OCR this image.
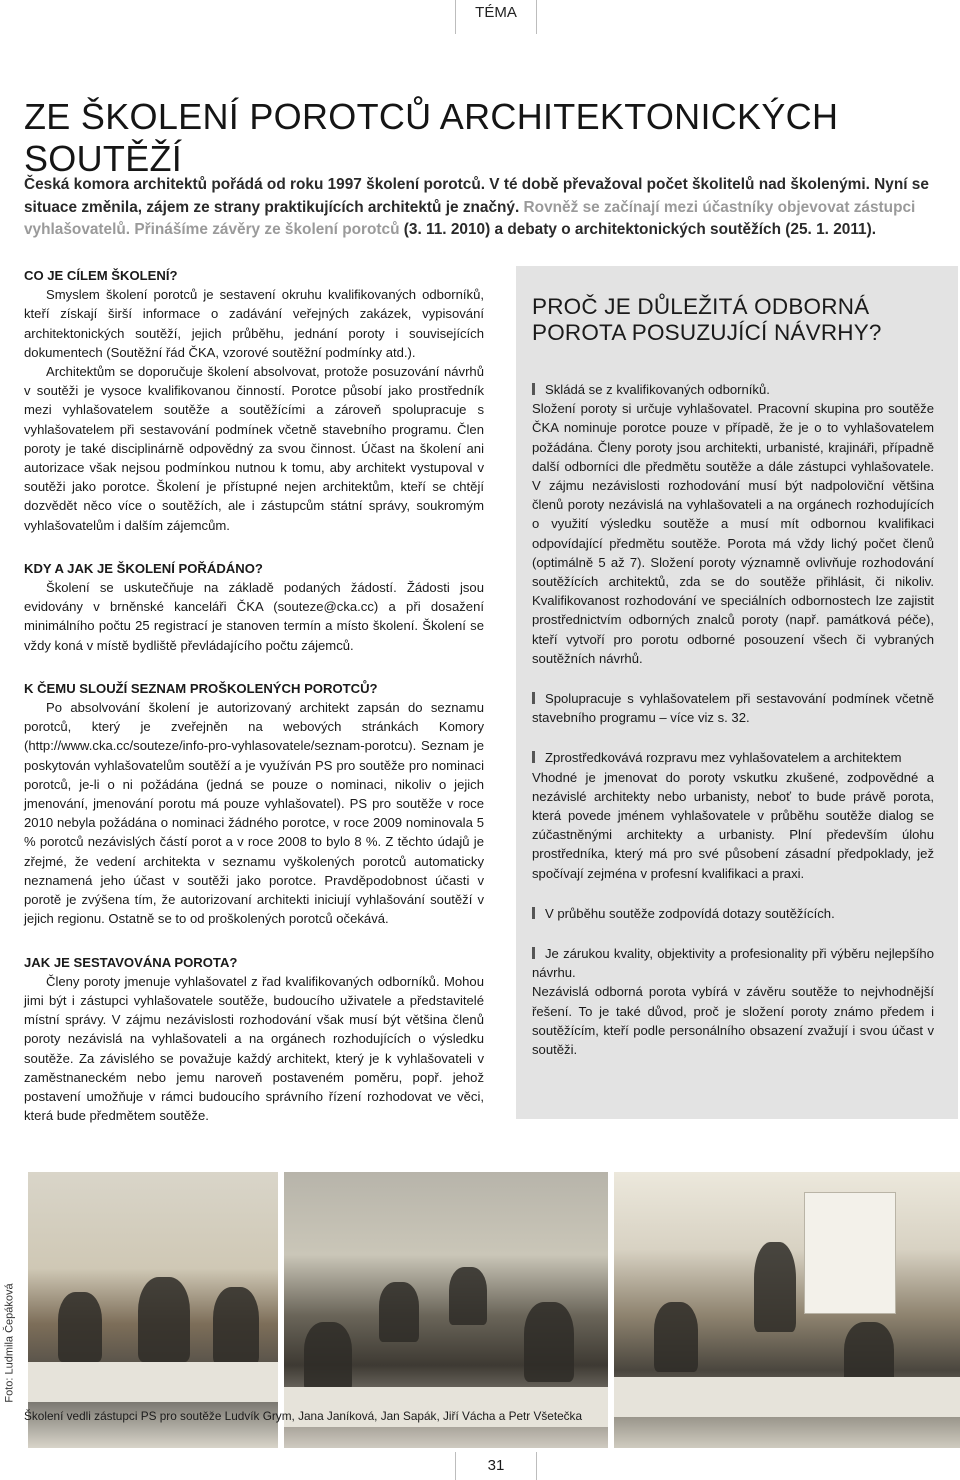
TÉMA
ZE ŠKOLENÍ POROTCŮ ARCHITEKTONICKÝCH SOUTĚŽÍ

Česká komora architektů pořádá od roku 1997 školení porotců. V té době převažoval počet školitelů nad školenými. Nyní se situace změnila, zájem ze strany praktikujících architektů je značný. Rovněž se začínají mezi účastníky objevovat zástupci vyhlašovatelů. Přinášíme závěry ze školení porotců (3. 11. 2010) a debaty o architektonických soutěžích (25. 1. 2011).

CO JE CÍLEM ŠKOLENÍ?

Smyslem školení porotců je sestavení okruhu kvalifikovaných odborníků, kteří získají širší informace o zadávání veřejných zakázek, vypisování architektonických soutěží, jejich průběhu, jednání poroty i souvisejících dokumentech (Soutěžní řád ČKA, vzorové soutěžní podmínky atd.).

Architektům se doporučuje školení absolvovat, protože posuzování návrhů v soutěži je vysoce kvalifikovanou činností. Porotce působí jako prostředník mezi vyhlašovatelem soutěže a soutěžícími a zároveň spolupracuje s vyhlašovatelem při sestavování podmínek včetně stavebního programu. Člen poroty je také disciplinárně odpovědný za svou činnost. Účast na školení ani autorizace však nejsou podmínkou nutnou k tomu, aby architekt vystupoval v soutěži jako porotce. Školení je přístupné nejen architektům, kteří se chtějí dozvědět něco více o soutěžích, ale i zástupcům státní správy, soukromým vyhlašovatelům i dalším zájemcům.

KDY A JAK JE ŠKOLENÍ POŘÁDÁNO?

Školení se uskutečňuje na základě podaných žádostí. Žádosti jsou evidovány v brněnské kanceláři ČKA (souteze@cka.cc) a při dosažení minimálního počtu 25 registrací je stanoven termín a místo školení. Školení se vždy koná v místě bydliště převládajícího počtu zájemců.

K ČEMU SLOUŽÍ SEZNAM PROŠKOLENÝCH POROTCŮ?

Po absolvování školení je autorizovaný architekt zapsán do seznamu porotců, který je zveřejněn na webových stránkách Komory (http://www.cka.cc/souteze/info-pro-vyhlasovatele/seznam-porotcu). Seznam je poskytován vyhlašovatelům soutěží a je využíván PS pro soutěže pro nominaci porotců, je-li o ni požádána (jedná se pouze o nominaci, nikoliv o jejich jmenování, jmenování porotu má pouze vyhlašovatel). PS pro soutěže v roce 2010 nebyla požádána o nominaci žádného porotce, v roce 2009 nominovala 5 % porotců nezávislých částí porot a v roce 2008 to bylo 8 %. Z těchto údajů je zřejmé, že vedení architekta v seznamu vyškolených porotců automaticky neznamená jeho účast v soutěži jako porotce. Pravděpodobnost účasti v porotě je zvýšena tím, že autorizovaní architekti iniciují vyhlašování soutěží v jejich regionu. Ostatně se to od proškolených porotců očekává.

JAK JE SESTAVOVÁNA POROTA?

Členy poroty jmenuje vyhlašovatel z řad kvalifikovaných odborníků. Mohou jimi být i zástupci vyhlašovatele soutěže, budoucího uživatele a představitelé místní správy. V zájmu nezávislosti rozhodování však musí být většina členů poroty nezávislá na vyhlašovateli a na orgánech rozhodujících o výsledku soutěže. Za závislého se považuje každý architekt, který je k vyhlašovateli v zaměstnaneckém nebo jemu naroveň postaveném poměru, popř. jehož postavení umožňuje v rámci budoucího správního řízení rozhodovat ve věci, která bude předmětem soutěže.

PROČ JE DŮLEŽITÁ ODBORNÁ POROTA POSUZUJÍCÍ NÁVRHY?

Skládá se z kvalifikovaných odborníků.

Složení poroty si určuje vyhlašovatel. Pracovní skupina pro soutěže ČKA nominuje porotce pouze v případě, že je o to vyhlašovatelem požádána. Členy poroty jsou architekti, urbanisté, krajináři, případně další odborníci dle předmětu soutěže a dále zástupci vyhlašovatele. V zájmu nezávislosti rozhodování musí být nadpoloviční většina členů poroty nezávislá na vyhlašovateli a na orgánech rozhodujících o využití výsledku soutěže a musí mít odbornou kvalifikaci odpovídající předmětu soutěže. Porota má vždy lichý počet členů (optimálně 5 až 7). Složení poroty významně ovlivňuje rozhodování soutěžících architektů, zda se do soutěže přihlásit, či nikoliv. Kvalifikovanost rozhodování ve speciálních odbornostech lze zajistit prostřednictvím odborných znalců poroty (např. památková péče), kteří vytvoří pro porotu odborné posouzení všech či vybraných soutěžních návrhů.

Spolupracuje s vyhlašovatelem při sestavování podmínek včetně stavebního programu – více viz s. 32.

Zprostředkovává rozpravu mez vyhlašovatelem a architektem

Vhodné je jmenovat do poroty vskutku zkušené, zodpovědné a nezávislé architekty nebo urbanisty, neboť to bude právě porota, která povede jménem vyhlašovatele v průběhu soutěže dialog se zúčastněnými architekty a urbanisty. Plní především úlohu prostředníka, který má pro své působení zásadní předpoklady, jež spočívají zejména v profesní kvalifikaci a praxi.

V průběhu soutěže zodpovídá dotazy soutěžících.

Je zárukou kvality, objektivity a profesionality při výběru nejlepšího návrhu.

Nezávislá odborná porota vybírá v závěru soutěže to nejvhodnější řešení. To je také důvod, proč je složení poroty známo předem i soutěžícím, kteří podle personálního obsazení zvažují i svou účast v soutěži.

Foto: Ludmila Čepáková
Školení vedli zástupci PS pro soutěže Ludvík Grym, Jana Janíková, Jan Sapák, Jiří Vácha a Petr Všetečka
31
